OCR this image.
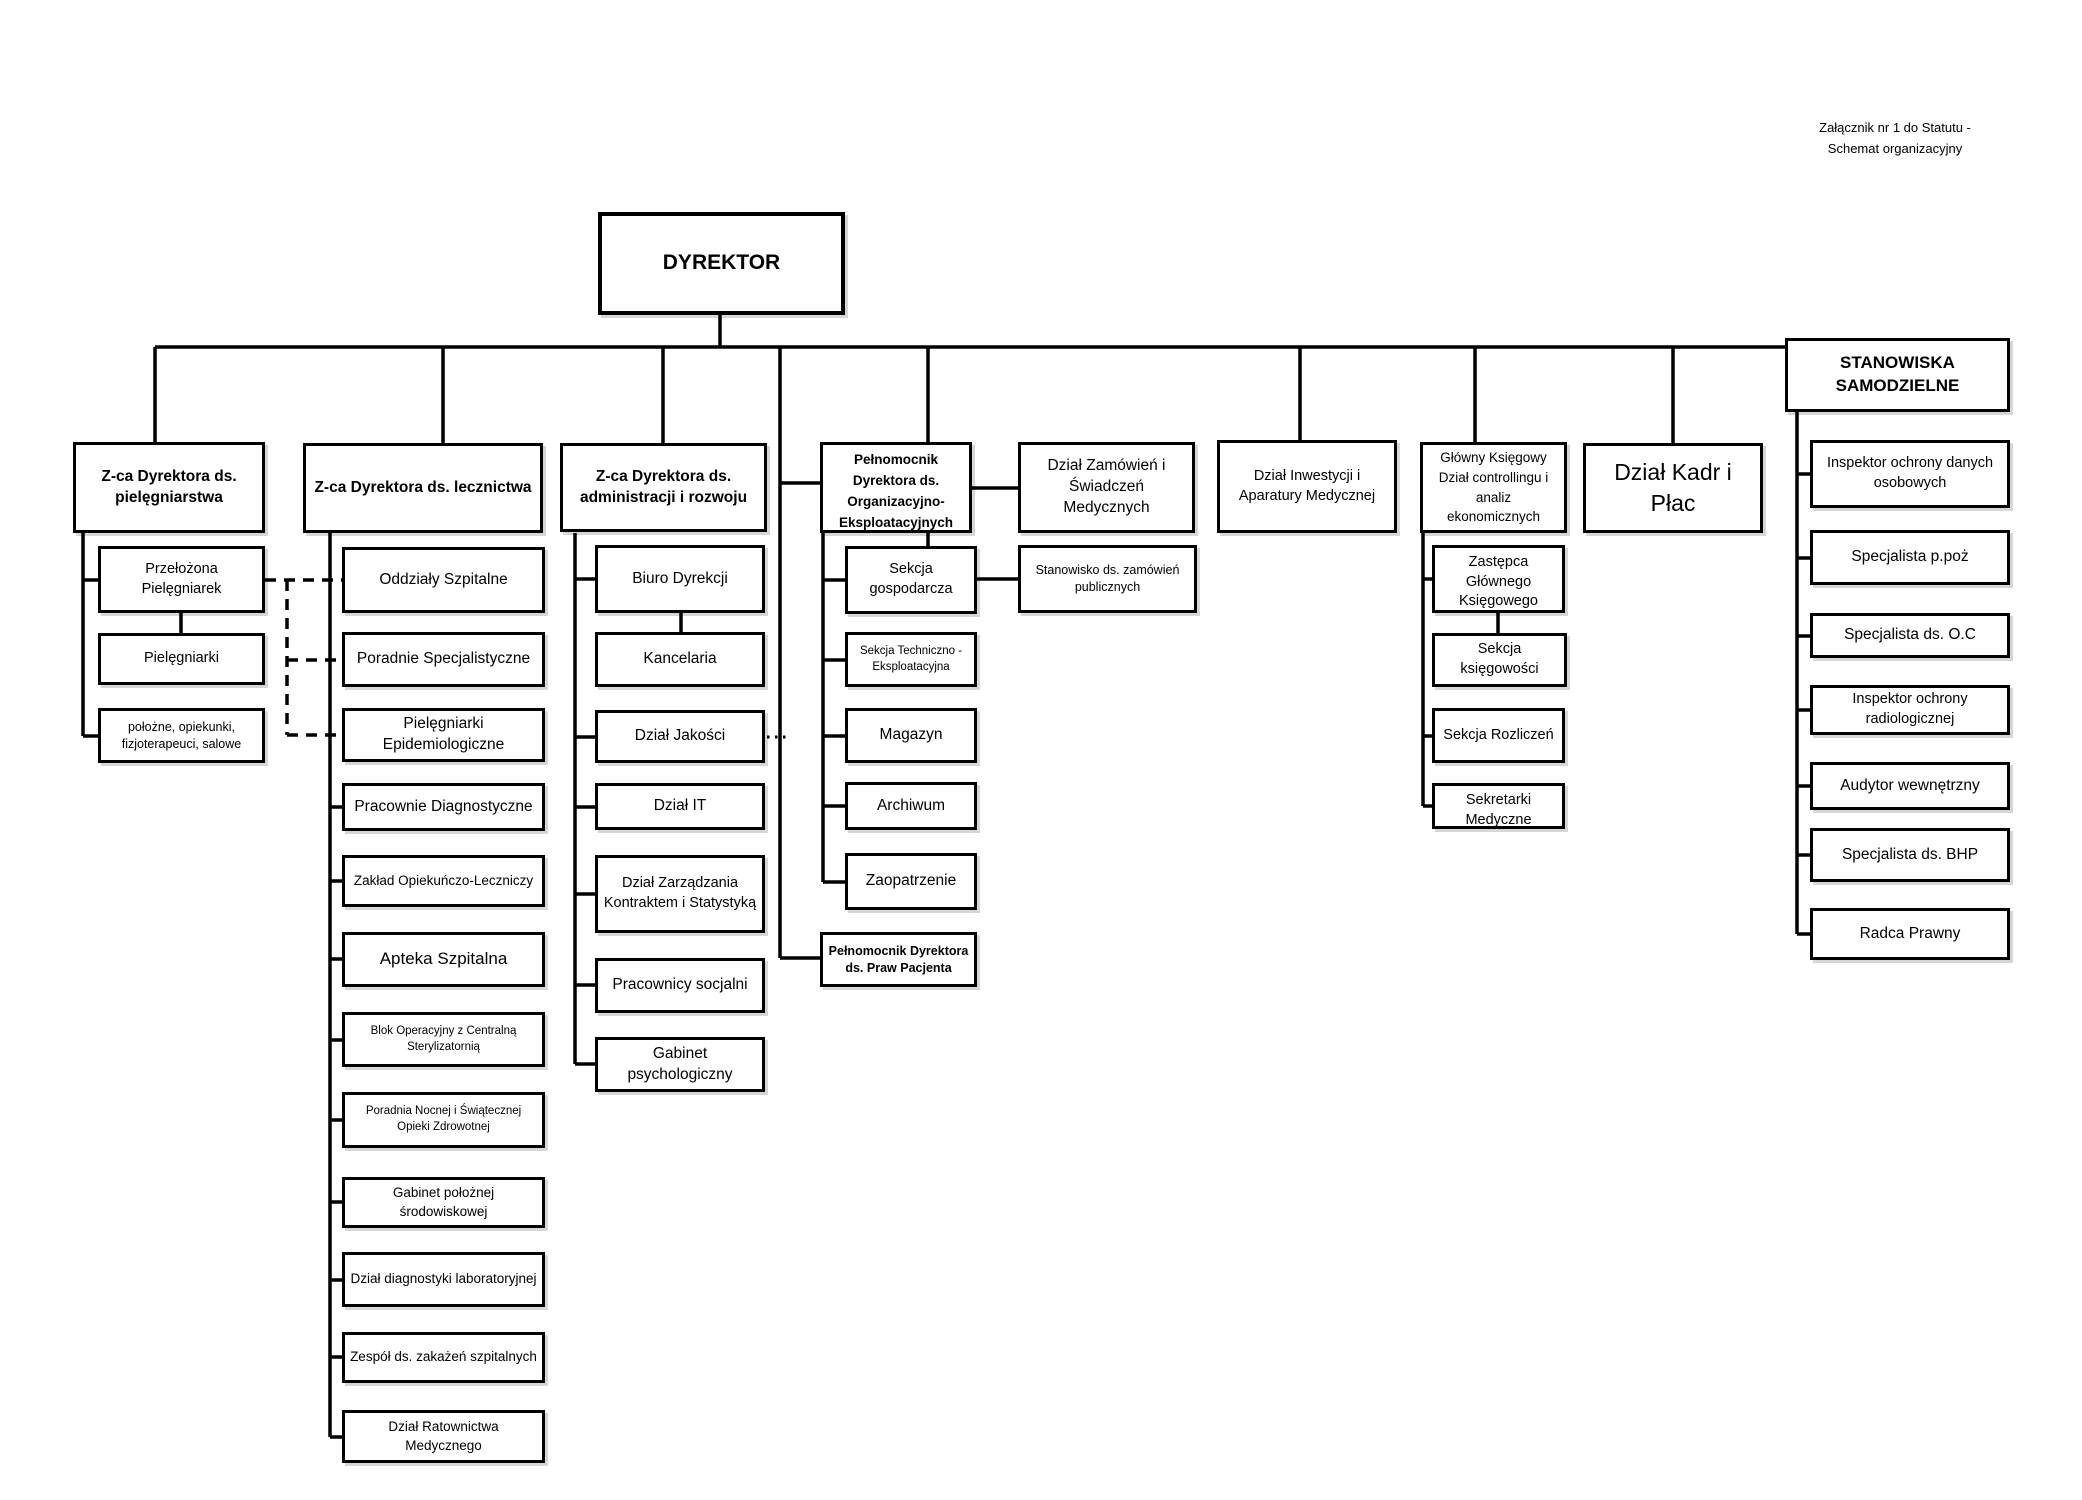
Załącznik nr 1 do Statutu -
Schemat organizacyjny
DYREKTOR
Z-ca Dyrektora ds. pielęgniarstwa
Z-ca Dyrektora ds. lecznictwa
Z-ca Dyrektora ds. administracji i rozwoju
Pełnomocnik Dyrektora ds. Organizacyjno-Eksploatacyjnych
Dział Zamówień i Świadczeń Medycznych
Dział Inwestycji i Aparatury Medycznej
Główny Księgowy Dział controllingu i analiz ekonomicznych
Dział Kadr i Płac
STANOWISKA SAMODZIELNE
Przełożona Pielęgniarek
Pielęgniarki
położne, opiekunki, fizjoterapeuci, salowe
Oddziały Szpitalne
Poradnie Specjalistyczne
Pielęgniarki Epidemiologiczne
Pracownie Diagnostyczne
Zakład Opiekuńczo-Leczniczy
Apteka Szpitalna
Blok Operacyjny z Centralną Sterylizatornią
Poradnia Nocnej i Świątecznej Opieki Zdrowotnej
Gabinet położnej środowiskowej
Dział diagnostyki laboratoryjnej
Zespół ds. zakażeń szpitalnych
Dział Ratownictwa Medycznego
Biuro Dyrekcji
Kancelaria
Dział Jakości
Dział IT
Dział Zarządzania Kontraktem i Statystyką
Pracownicy socjalni
Gabinet psychologiczny
Sekcja gospodarcza
Sekcja Techniczno - Eksploatacyjna
Magazyn
Archiwum
Zaopatrzenie
Pełnomocnik Dyrektora ds. Praw Pacjenta
Stanowisko ds. zamówień publicznych
Zastępca Głównego Księgowego
Sekcja księgowości
Sekcja Rozliczeń
Sekretarki Medyczne
Inspektor ochrony danych osobowych
Specjalista p.poż
Specjalista ds. O.C
Inspektor ochrony radiologicznej
Audytor wewnętrzny
Specjalista ds. BHP
Radca Prawny
